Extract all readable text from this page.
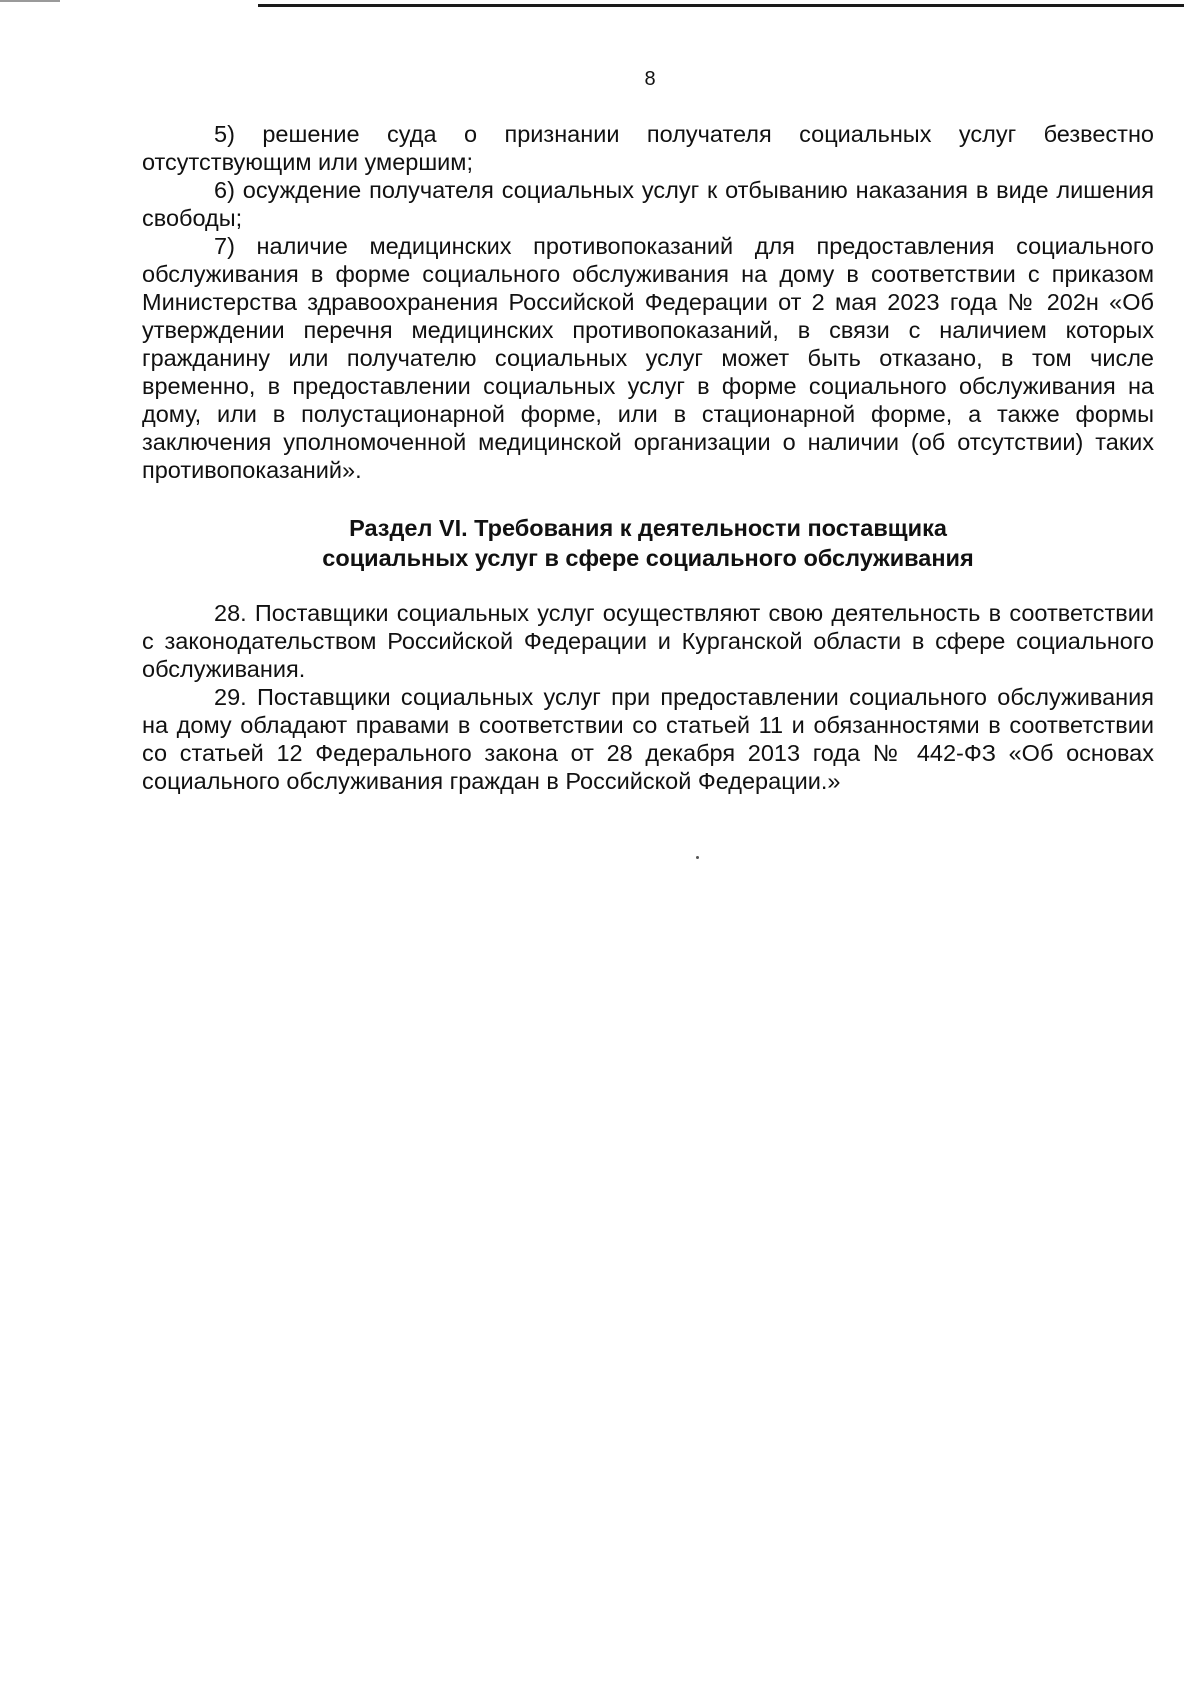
8

5) решение суда о признании получателя социальных услуг безвестно отсутствующим или умершим;

6) осуждение получателя социальных услуг к отбыванию наказания в виде лишения свободы;

7) наличие медицинских противопоказаний для предоставления социального обслуживания в форме социального обслуживания на дому в соответствии с приказом Министерства здравоохранения Российской Федерации от 2 мая 2023 года № 202н «Об утверждении перечня медицинских противопоказаний, в связи с наличием которых гражданину или получателю социальных услуг может быть отказано, в том числе временно, в предоставлении социальных услуг в форме социального обслуживания на дому, или в полустационарной форме, или в стационарной форме, а также формы заключения уполномоченной медицинской организации о наличии (об отсутствии) таких противопоказаний».

Раздел VI. Требования к деятельности поставщика
социальных услуг в сфере социального обслуживания

28. Поставщики социальных услуг осуществляют свою деятельность в соответствии с законодательством Российской Федерации и Курганской области в сфере социального обслуживания.

29. Поставщики социальных услуг при предоставлении социального обслуживания на дому обладают правами в соответствии со статьей 11 и обязанностями в соответствии со статьей 12 Федерального закона от 28 декабря 2013 года № 442-ФЗ «Об основах социального обслуживания граждан в Российской Федерации.»
